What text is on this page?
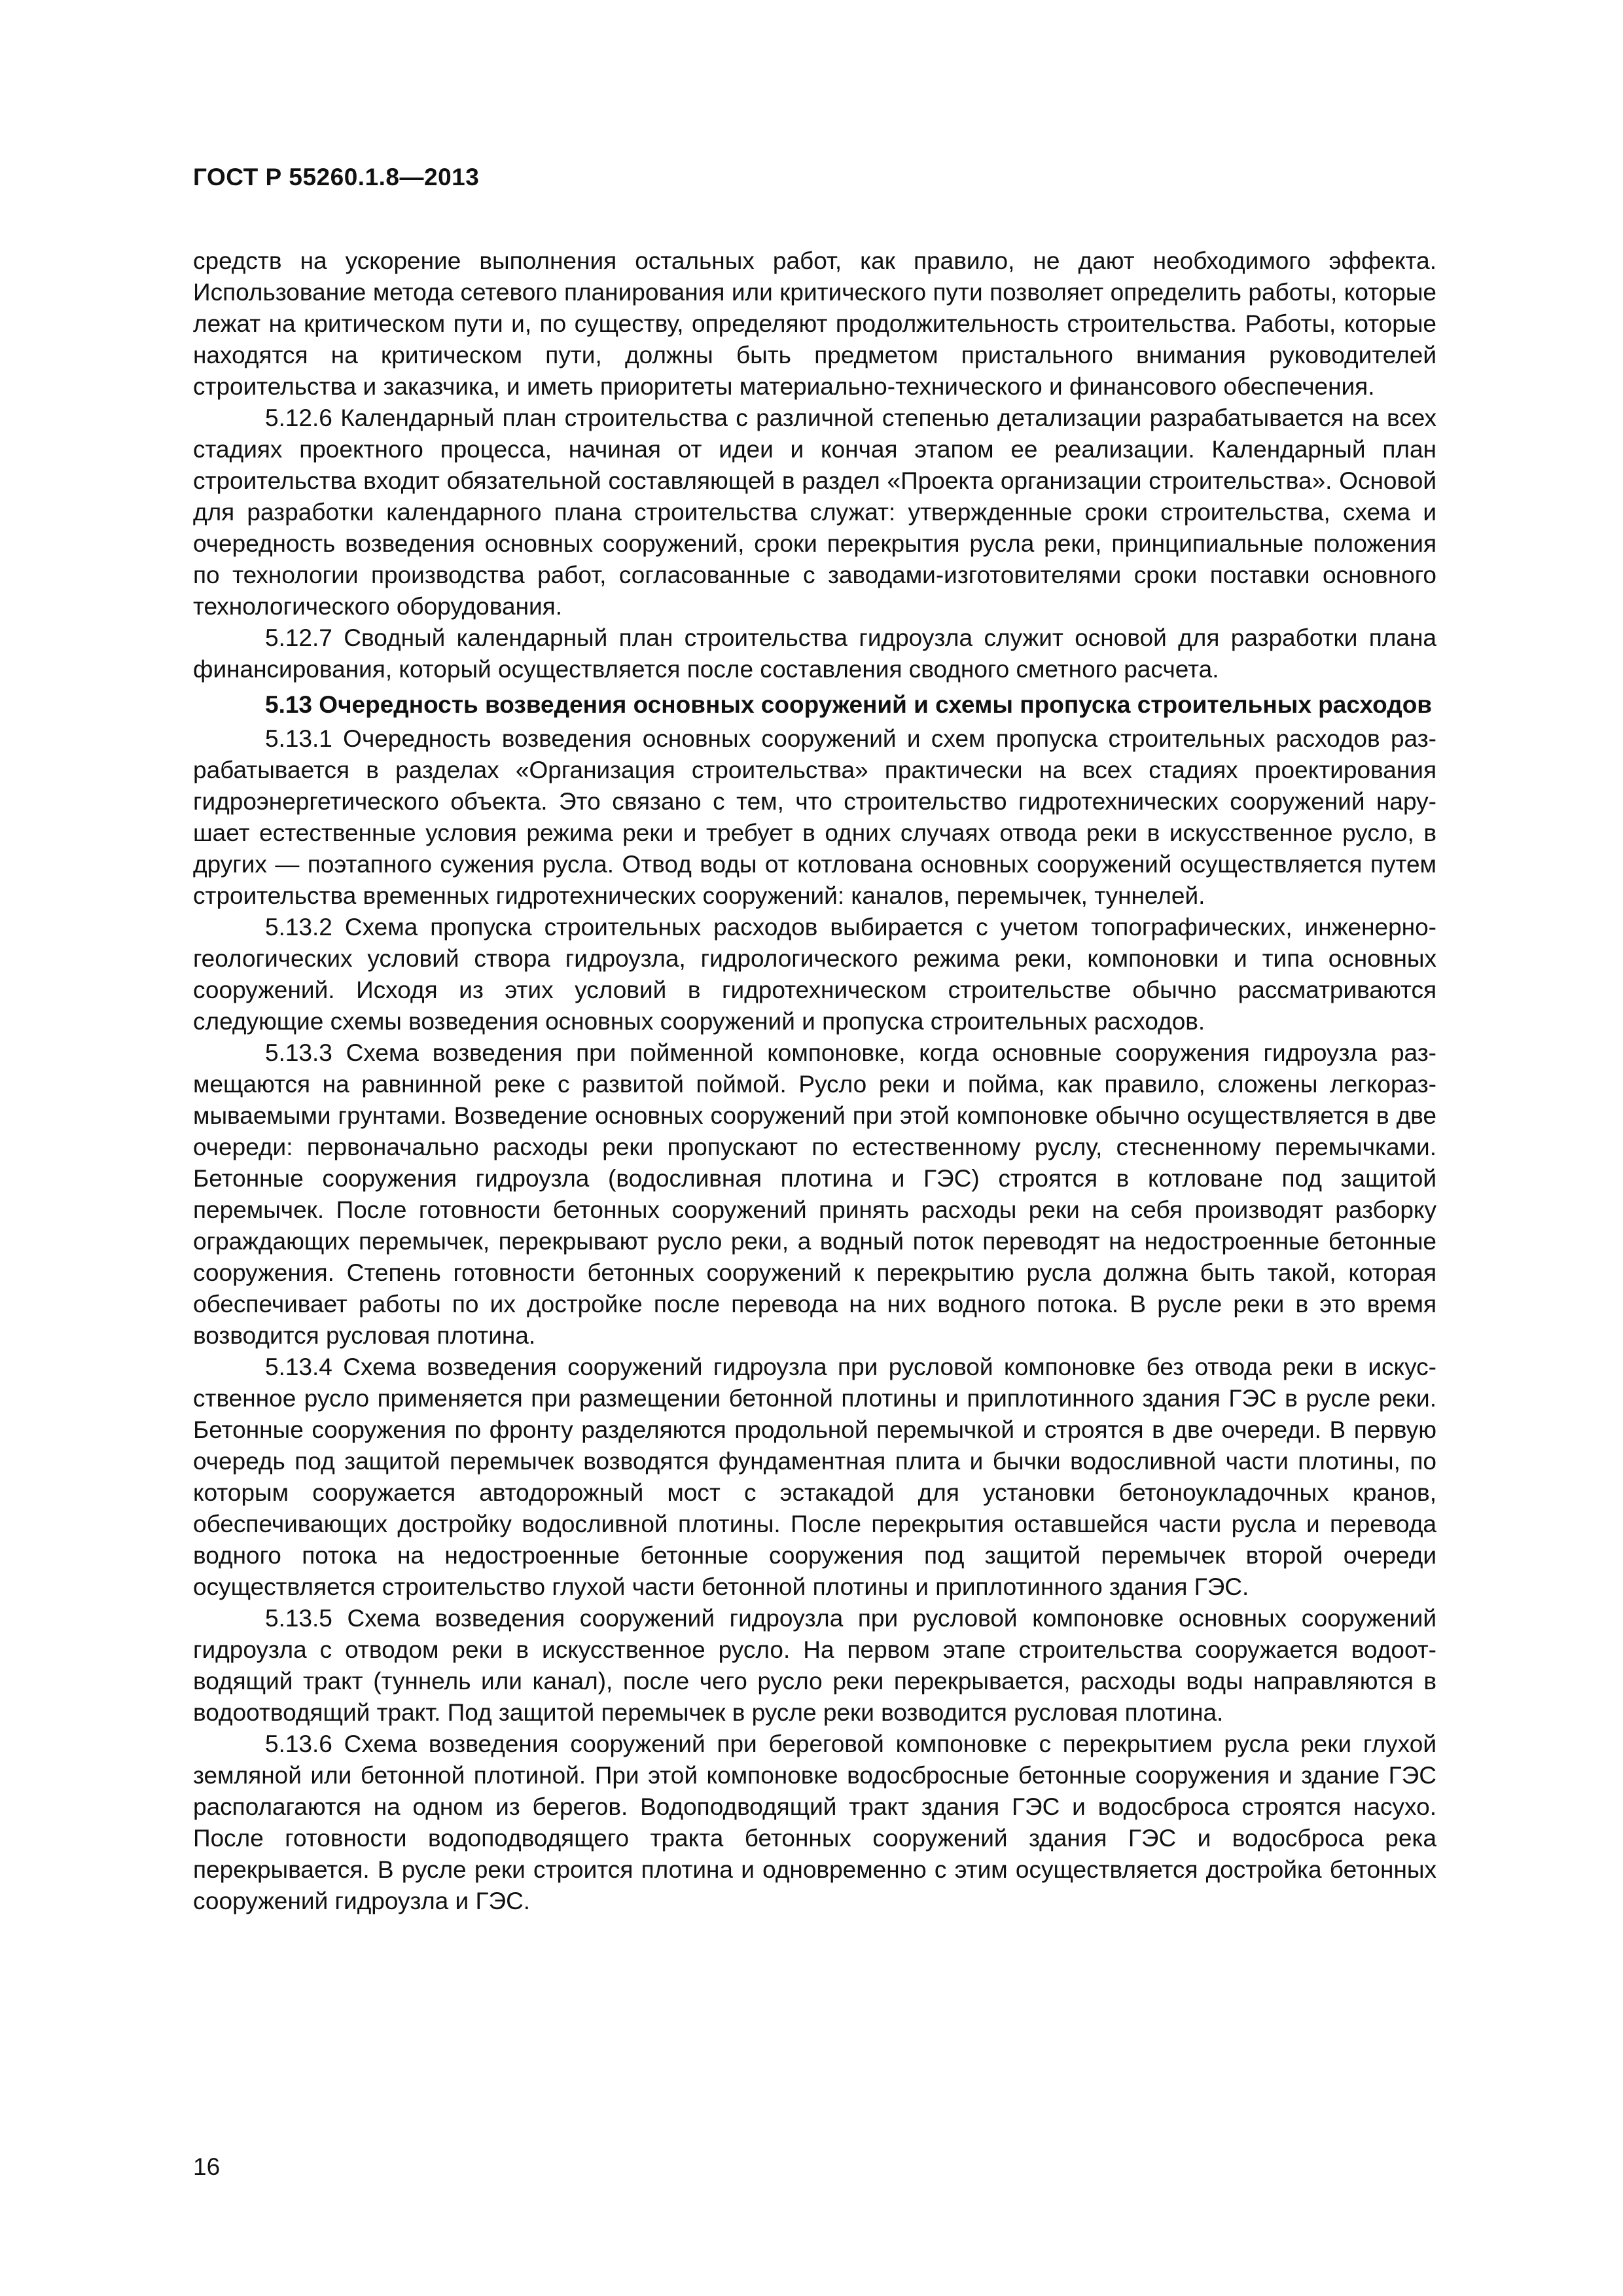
ГОСТ Р 55260.1.8—2013

средств на ускорение выполнения остальных работ, как правило, не дают необходимого эффекта. Использование метода сетевого планирования или критического пути позволяет определить работы, которые лежат на критическом пути и, по существу, определяют продолжительность строительства. Работы, которые находятся на критическом пути, должны быть предметом пристального внимания руководителей строительства и заказчика, и иметь приоритеты материально-технического и финансового обеспечения.

5.12.6 Календарный план строительства с различной степенью детализации разрабатывается на всех стадиях проектного процесса, начиная от идеи и кончая этапом ее реализации. Календарный план строительства входит обязательной составляющей в раздел «Проекта организации строительства». Основой для разработки календарного плана строительства служат: утвержденные сроки строительства, схема и очередность возведения основных сооружений, сроки перекрытия русла реки, принципиальные положения по технологии производства работ, согласованные с заводами-изготовителями сроки поставки основного технологического оборудования.

5.12.7 Сводный календарный план строительства гидроузла служит основой для разработки плана финансирования, который осуществляется после составления сводного сметного расчета.

5.13 Очередность возведения основных сооружений и схемы пропуска строительных расходов

5.13.1 Очередность возведения основных сооружений и схем пропуска строительных расходов разрабатывается в разделах «Организация строительства» практически на всех стадиях проектирования гидроэнергетического объекта. Это связано с тем, что строительство гидротехнических сооружений нарушает естественные условия режима реки и требует в одних случаях отвода реки в искусственное русло, в других — поэтапного сужения русла. Отвод воды от котлована основных сооружений осуществляется путем строительства временных гидротехнических сооружений: каналов, перемычек, туннелей.

5.13.2 Схема пропуска строительных расходов выбирается с учетом топографических, инженерно-геологических условий створа гидроузла, гидрологического режима реки, компоновки и типа основных сооружений. Исходя из этих условий в гидротехническом строительстве обычно рассматриваются следующие схемы возведения основных сооружений и пропуска строительных расходов.

5.13.3 Схема возведения при пойменной компоновке, когда основные сооружения гидроузла размещаются на равнинной реке с развитой поймой. Русло реки и пойма, как правило, сложены легкоразмываемыми грунтами. Возведение основных сооружений при этой компоновке обычно осуществляется в две очереди: первоначально расходы реки пропускают по естественному руслу, стесненному перемычками. Бетонные сооружения гидроузла (водосливная плотина и ГЭС) строятся в котловане под защитой перемычек. После готовности бетонных сооружений принять расходы реки на себя производят разборку ограждающих перемычек, перекрывают русло реки, а водный поток переводят на недостроенные бетонные сооружения. Степень готовности бетонных сооружений к перекрытию русла должна быть такой, которая обеспечивает работы по их достройке после перевода на них водного потока. В русле реки в это время возводится русловая плотина.

5.13.4 Схема возведения сооружений гидроузла при русловой компоновке без отвода реки в искусственное русло применяется при размещении бетонной плотины и приплотинного здания ГЭС в русле реки. Бетонные сооружения по фронту разделяются продольной перемычкой и строятся в две очереди. В первую очередь под защитой перемычек возводятся фундаментная плита и бычки водосливной части плотины, по которым сооружается автодорожный мост с эстакадой для установки бетоноукладочных кранов, обеспечивающих достройку водосливной плотины. После перекрытия оставшейся части русла и перевода водного потока на недостроенные бетонные сооружения под защитой перемычек второй очереди осуществляется строительство глухой части бетонной плотины и приплотинного здания ГЭС.

5.13.5 Схема возведения сооружений гидроузла при русловой компоновке основных сооружений гидроузла с отводом реки в искусственное русло. На первом этапе строительства сооружается водоотводящий тракт (туннель или канал), после чего русло реки перекрывается, расходы воды направляются в водоотводящий тракт. Под защитой перемычек в русле реки возводится русловая плотина.

5.13.6 Схема возведения сооружений при береговой компоновке с перекрытием русла реки глухой земляной или бетонной плотиной. При этой компоновке водосбросные бетонные сооружения и здание ГЭС располагаются на одном из берегов. Водоподводящий тракт здания ГЭС и водосброса строятся насухо. После готовности водоподводящего тракта бетонных сооружений здания ГЭС и водосброса река перекрывается. В русле реки строится плотина и одновременно с этим осуществляется достройка бетонных сооружений гидроузла и ГЭС.

16
